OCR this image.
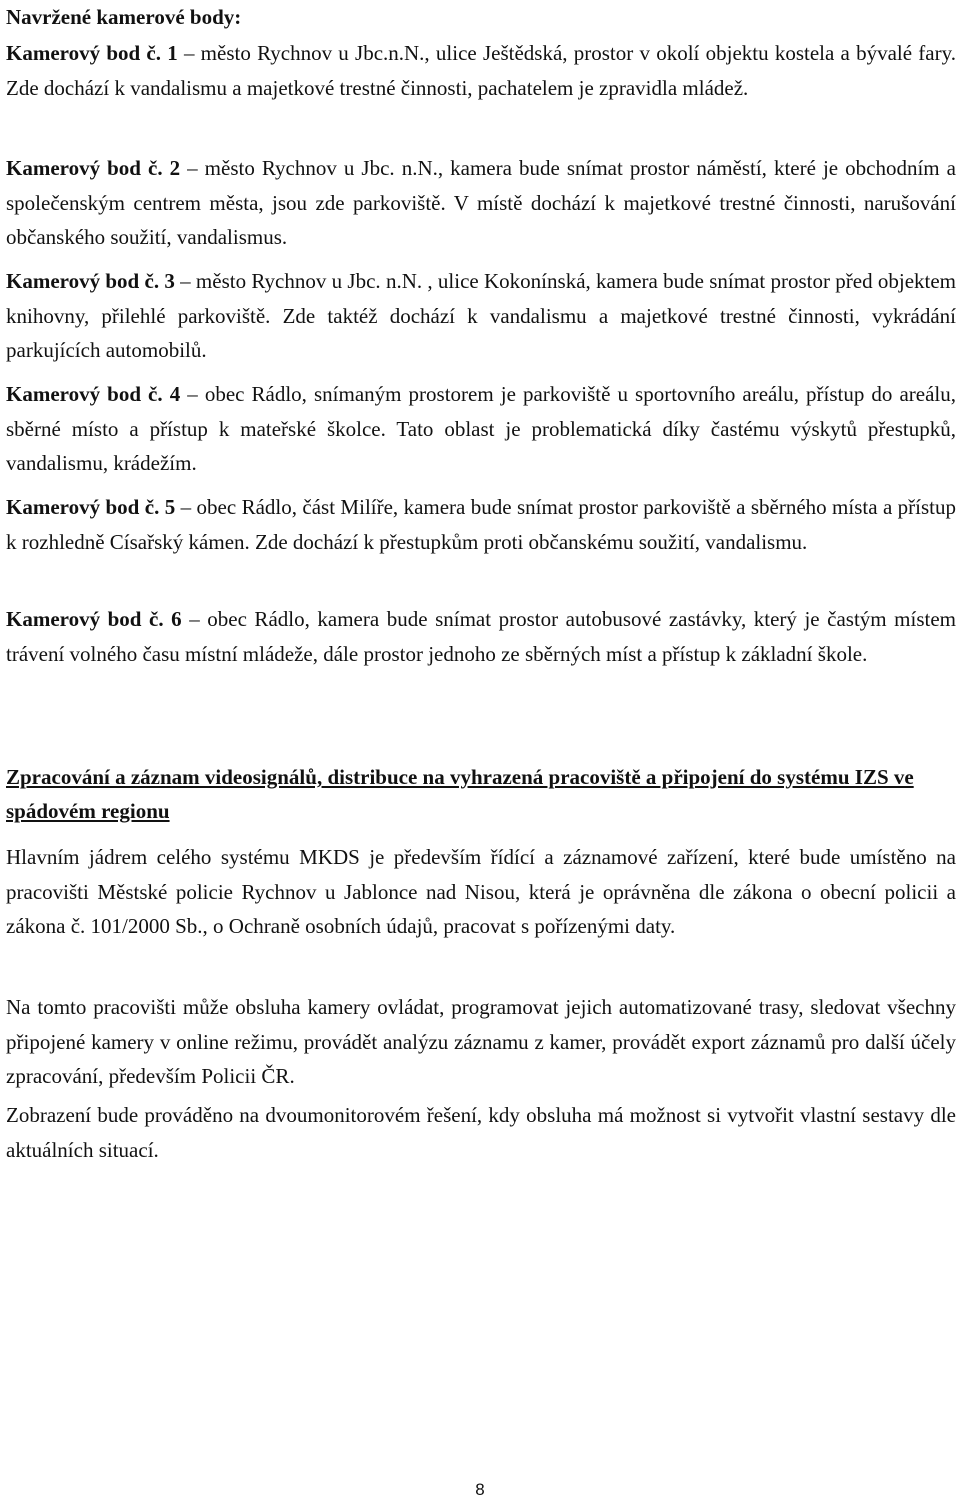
Navržené kamerové body:
Kamerový bod č. 1 – město Rychnov u Jbc.n.N., ulice Ještědská, prostor v okolí objektu kostela a bývalé fary. Zde dochází k vandalismu a majetkové trestné činnosti, pachatelem je zpravidla mládež.
Kamerový bod č. 2 – město Rychnov u Jbc. n.N., kamera bude snímat prostor náměstí, které je obchodním a společenským centrem města, jsou zde parkoviště. V místě dochází k majetkové trestné činnosti, narušování občanského soužití, vandalismus.
Kamerový bod č. 3 – město Rychnov u Jbc. n.N. , ulice Kokonínská, kamera bude snímat prostor před objektem knihovny, přilehlé parkoviště. Zde taktéž dochází k vandalismu a majetkové trestné činnosti, vykrádání parkujících automobilů.
Kamerový bod č. 4 – obec Rádlo, snímaným prostorem je parkoviště u sportovního areálu, přístup do areálu, sběrné místo a přístup k mateřské školce. Tato oblast je problematická díky častému výskytů přestupků, vandalismu, krádežím.
Kamerový bod č. 5 – obec Rádlo, část Milíře, kamera bude snímat prostor parkoviště a sběrného místa a přístup k rozhledně Císařský kámen. Zde dochází k přestupkům proti občanskému soužití, vandalismu.
Kamerový bod č. 6 – obec Rádlo, kamera bude snímat prostor autobusové zastávky, který je častým místem trávení volného času místní mládeže, dále prostor jednoho ze sběrných míst a přístup k základní škole.
Zpracování a záznam videosignálů, distribuce na vyhrazená pracoviště a připojení do systému IZS ve spádovém regionu
Hlavním jádrem celého systému MKDS je především řídící a záznamové zařízení, které bude umístěno na pracovišti Městské policie Rychnov u Jablonce nad Nisou, která je oprávněna dle zákona o obecní policii a zákona č. 101/2000 Sb., o Ochraně osobních údajů, pracovat s pořízenými daty.
Na tomto pracovišti může obsluha kamery ovládat, programovat jejich automatizované trasy, sledovat všechny připojené kamery v online režimu, provádět analýzu záznamu z kamer, provádět export záznamů pro další účely zpracování, především Policii ČR.
Zobrazení bude prováděno na dvoumonitorovém řešení, kdy obsluha má možnost si vytvořit vlastní sestavy dle aktuálních situací.
8
